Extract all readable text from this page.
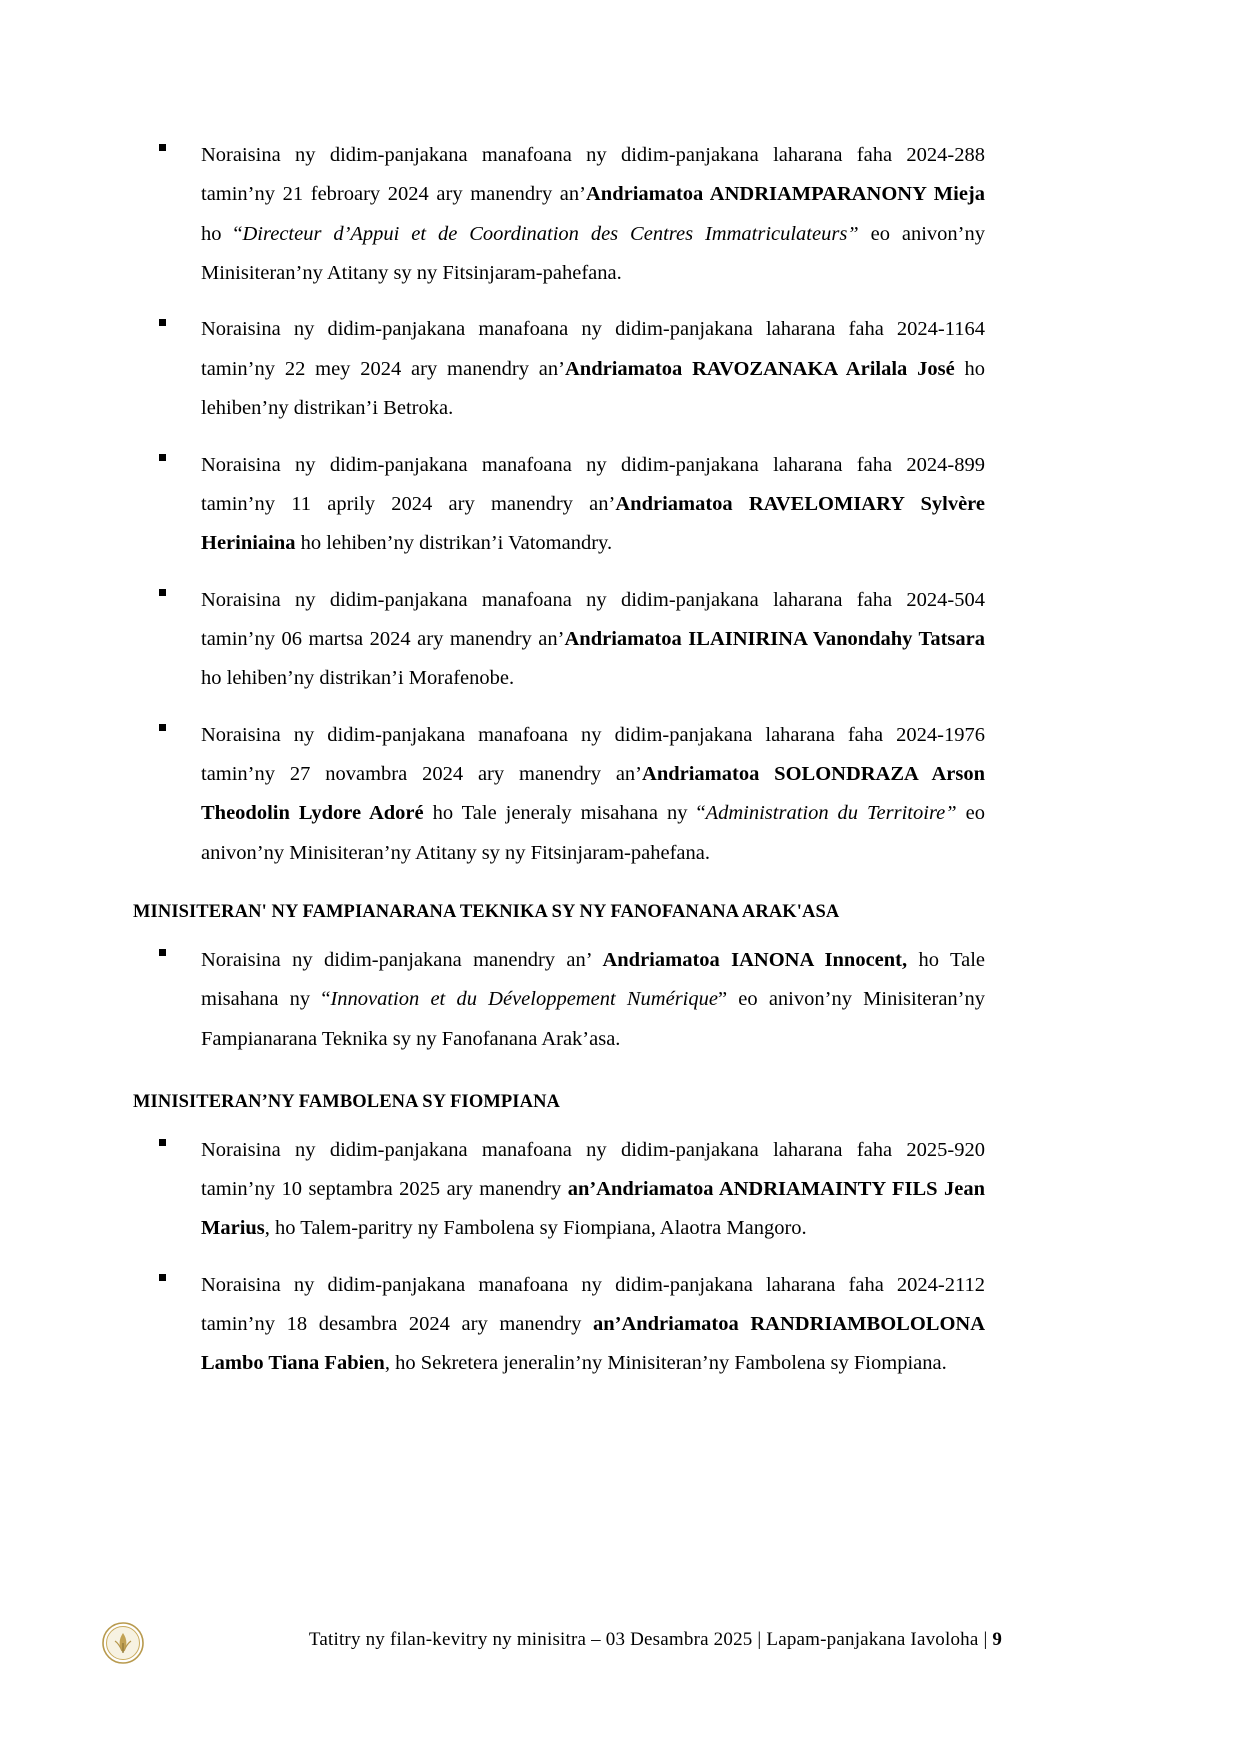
Noraisina ny didim-panjakana manafoana ny didim-panjakana laharana faha 2024-288 tamin’ny 21 febroary 2024 ary manendry an’Andriamatoa ANDRIAMPARANONY Mieja ho “Directeur d’Appui et de Coordination des Centres Immatriculateurs” eo anivon’ny Minisiteran’ny Atitany sy ny Fitsinjaram-pahefana.

Noraisina ny didim-panjakana manafoana ny didim-panjakana laharana faha 2024-1164 tamin’ny 22 mey 2024 ary manendry an’Andriamatoa RAVOZANAKA Arilala José ho lehiben’ny distrikan’i Betroka.

Noraisina ny didim-panjakana manafoana ny didim-panjakana laharana faha 2024-899 tamin’ny 11 aprily 2024 ary manendry an’Andriamatoa RAVELOMIARY Sylvère Heriniaina ho lehiben’ny distrikan’i Vatomandry.

Noraisina ny didim-panjakana manafoana ny didim-panjakana laharana faha 2024-504 tamin’ny 06 martsa 2024 ary manendry an’Andriamatoa ILAINIRINA Vanondahy Tatsara ho lehiben’ny distrikan’i Morafenobe.

Noraisina ny didim-panjakana manafoana ny didim-panjakana laharana faha 2024-1976 tamin’ny 27 novambra 2024 ary manendry an’Andriamatoa SOLONDRAZA Arson Theodolin Lydore Adoré ho Tale jeneraly misahana ny “Administration du Territoire” eo anivon’ny Minisiteran’ny Atitany sy ny Fitsinjaram-pahefana.

MINISITERAN' NY FAMPIANARANA TEKNIKA SY NY FANOFANANA ARAK'ASA

Noraisina ny didim-panjakana manendry an’ Andriamatoa IANONA Innocent, ho Tale misahana ny “Innovation et du Développement Numérique” eo anivon’ny Minisiteran’ny Fampianarana Teknika sy ny Fanofanana Arak’asa.

MINISITERAN’NY FAMBOLENA SY FIOMPIANA

Noraisina ny didim-panjakana manafoana ny didim-panjakana laharana faha 2025-920 tamin’ny 10 septambra 2025 ary manendry an’Andriamatoa ANDRIAMAINTY FILS Jean Marius, ho Talem-paritry ny Fambolena sy Fiompiana, Alaotra Mangoro.

Noraisina ny didim-panjakana manafoana ny didim-panjakana laharana faha 2024-2112 tamin’ny 18 desambra 2024 ary manendry an’Andriamatoa RANDRIAMBOLOLONA Lambo Tiana Fabien, ho Sekretera jeneralin’ny Minisiteran’ny Fambolena sy Fiompiana.

Tatitry ny filan-kevitry ny minisitra – 03 Desambra 2025 | Lapam-panjakana Iavoloha | 9
